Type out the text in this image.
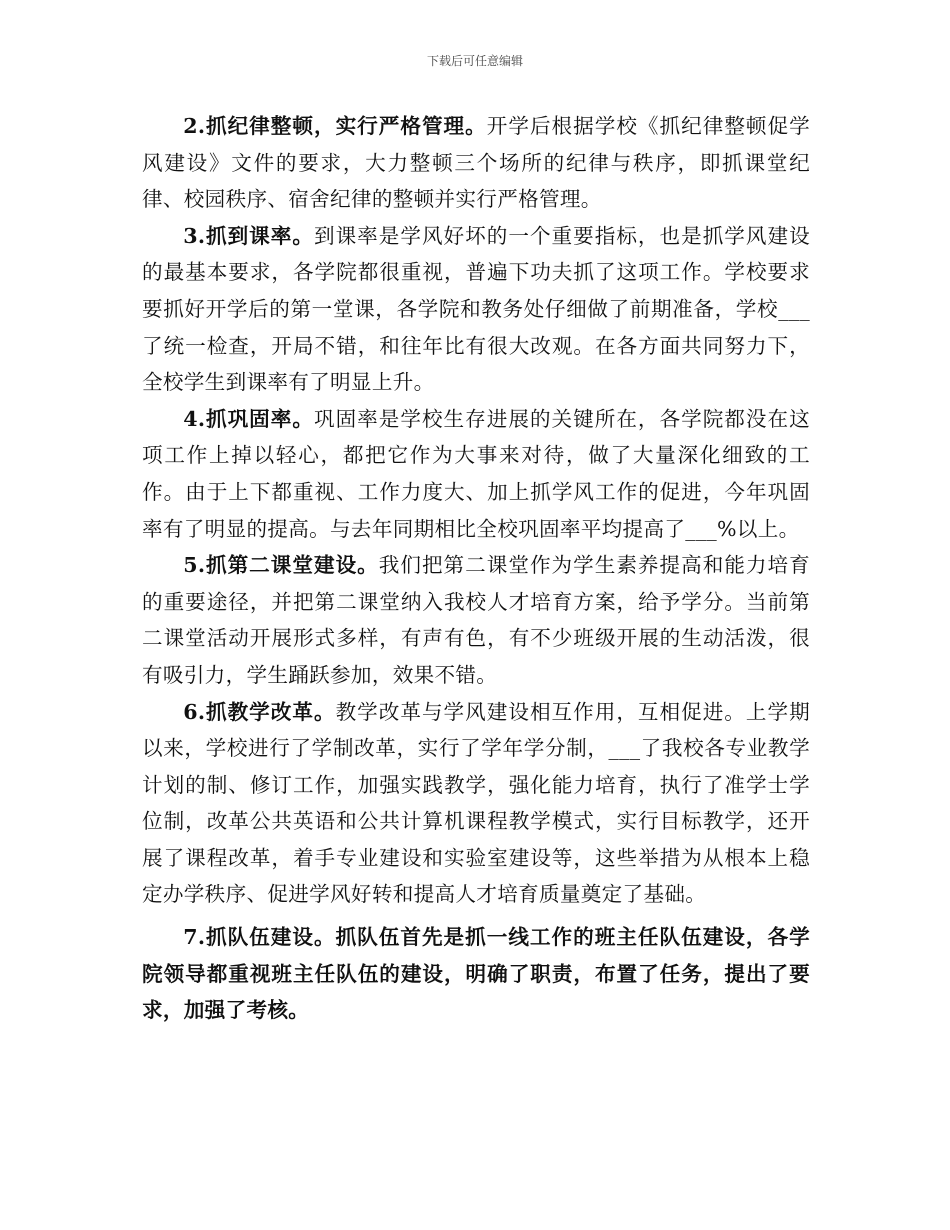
下载后可任意编辑

2.抓纪律整顿，实行严格管理。开学后根据学校《抓纪律整顿促学风建设》文件的要求，大力整顿三个场所的纪律与秩序，即抓课堂纪律、校园秩序、宿舍纪律的整顿并实行严格管理。

3.抓到课率。到课率是学风好坏的一个重要指标，也是抓学风建设的最基本要求，各学院都很重视，普遍下功夫抓了这项工作。学校要求要抓好开学后的第一堂课，各学院和教务处仔细做了前期准备，学校___了统一检查，开局不错，和往年比有很大改观。在各方面共同努力下，全校学生到课率有了明显上升。

4.抓巩固率。巩固率是学校生存进展的关键所在，各学院都没在这项工作上掉以轻心，都把它作为大事来对待，做了大量深化细致的工作。由于上下都重视、工作力度大、加上抓学风工作的促进，今年巩固率有了明显的提高。与去年同期相比全校巩固率平均提高了___%以上。

5.抓第二课堂建设。我们把第二课堂作为学生素养提高和能力培育的重要途径，并把第二课堂纳入我校人才培育方案，给予学分。当前第二课堂活动开展形式多样，有声有色，有不少班级开展的生动活泼，很有吸引力，学生踊跃参加，效果不错。

6.抓教学改革。教学改革与学风建设相互作用，互相促进。上学期以来，学校进行了学制改革，实行了学年学分制，___了我校各专业教学计划的制、修订工作，加强实践教学，强化能力培育，执行了准学士学位制，改革公共英语和公共计算机课程教学模式，实行目标教学，还开展了课程改革，着手专业建设和实验室建设等，这些举措为从根本上稳定办学秩序、促进学风好转和提高人才培育质量奠定了基础。

7.抓队伍建设。抓队伍首先是抓一线工作的班主任队伍建设，各学院领导都重视班主任队伍的建设，明确了职责，布置了任务，提出了要求，加强了考核。
